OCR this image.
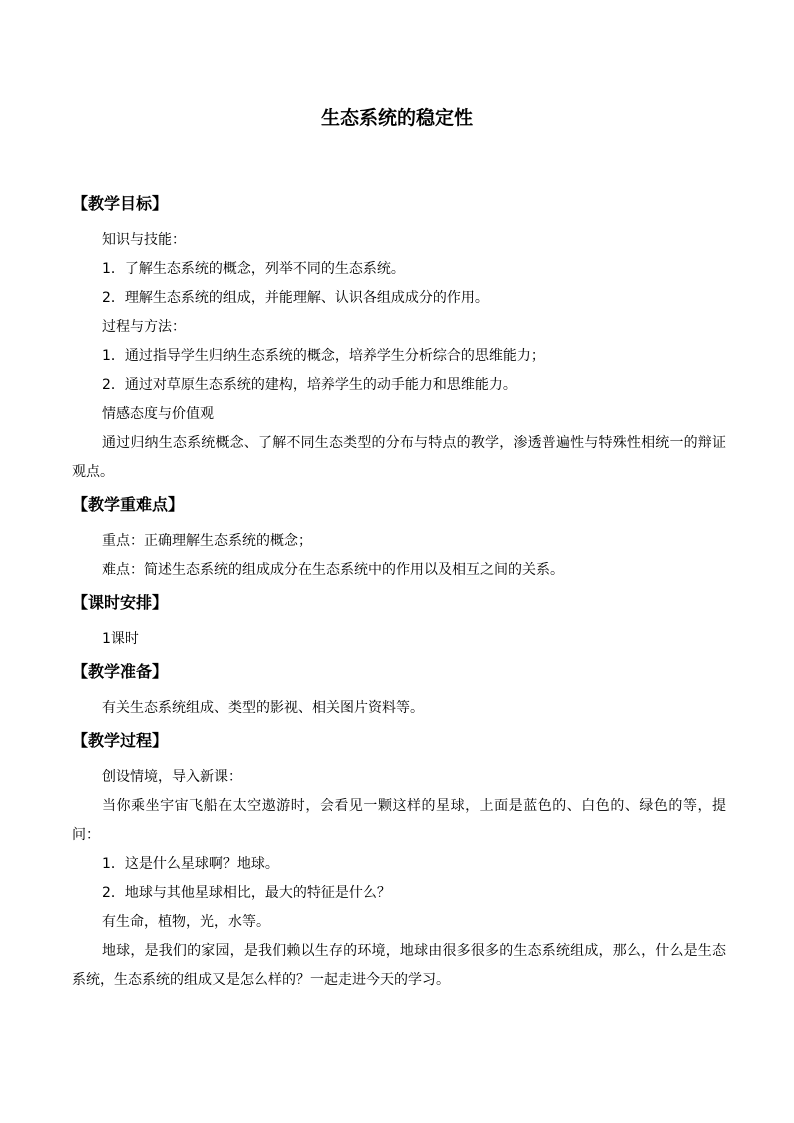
生态系统的稳定性
【教学目标】

知识与技能：

1．了解生态系统的概念，列举不同的生态系统。

2．理解生态系统的组成，并能理解、认识各组成成分的作用。

过程与方法：

1．通过指导学生归纳生态系统的概念，培养学生分析综合的思维能力；

2．通过对草原生态系统的建构，培养学生的动手能力和思维能力。

情感态度与价值观

通过归纳生态系统概念、了解不同生态类型的分布与特点的教学，渗透普遍性与特殊性相统一的辩证观点。

【教学重难点】

重点：正确理解生态系统的概念；

难点：简述生态系统的组成成分在生态系统中的作用以及相互之间的关系。

【课时安排】

1课时

【教学准备】

有关生态系统组成、类型的影视、相关图片资料等。

【教学过程】

创设情境，导入新课：

当你乘坐宇宙飞船在太空遨游时，会看见一颗这样的星球，上面是蓝色的、白色的、绿色的等，提问：

1．这是什么星球啊？地球。

2．地球与其他星球相比，最大的特征是什么？

有生命，植物，光，水等。

地球，是我们的家园，是我们赖以生存的环境，地球由很多很多的生态系统组成，那么，什么是生态系统，生态系统的组成又是怎么样的？一起走进今天的学习。
